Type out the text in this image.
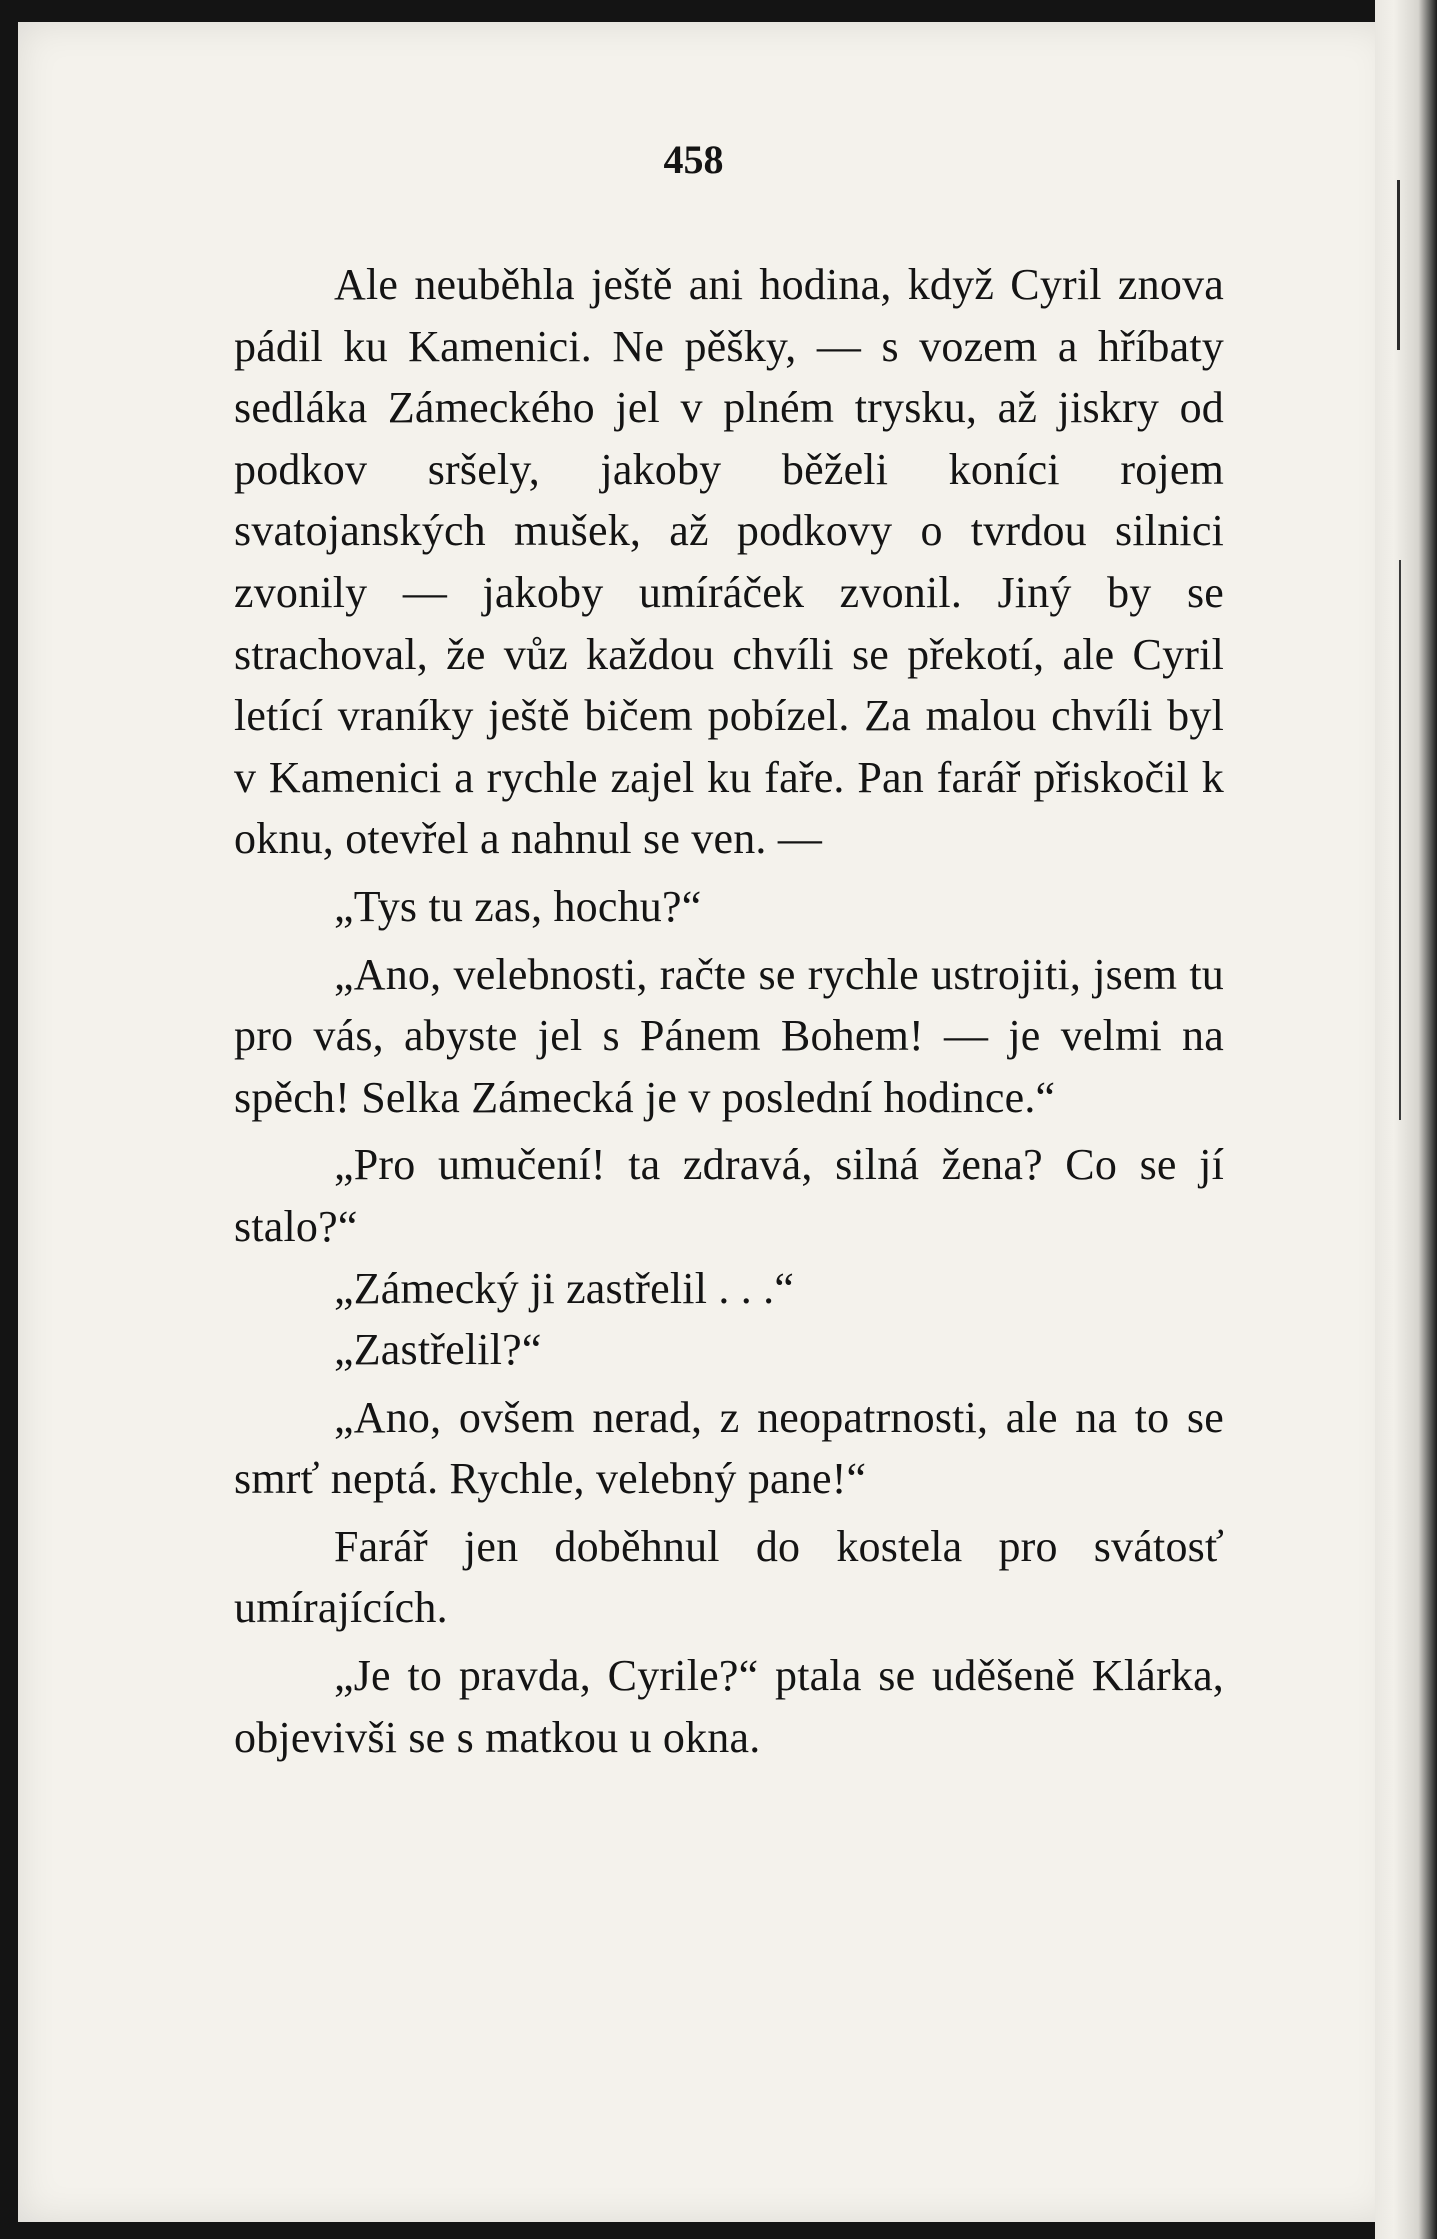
458

Ale neuběhla ještě ani hodina, když Cyril znova pádil ku Kamenici. Ne pěšky, — s vozem a hříbaty sedláka Zámeckého jel v plném trysku, až jiskry od podkov sršely, jakoby běželi koníci rojem svatojanských mušek, až podkovy o tvrdou silnici zvonily — jakoby umíráček zvonil. Jiný by se strachoval, že vůz každou chvíli se překotí, ale Cyril letící vraníky ještě bičem pobízel. Za malou chvíli byl v Kamenici a rychle zajel ku faře. Pan farář přiskočil k oknu, otevřel a nahnul se ven. —

„Tys tu zas, hochu?“

„Ano, velebnosti, račte se rychle ustrojiti, jsem tu pro vás, abyste jel s Pánem Bohem! — je velmi na spěch! Selka Zámecká je v poslední hodince.“

„Pro umučení! ta zdravá, silná žena? Co se jí stalo?“

„Zámecký ji zastřelil . . .“

„Zastřelil?“

„Ano, ovšem nerad, z neopatrnosti, ale na to se smrť neptá. Rychle, velebný pane!“

Farář jen doběhnul do kostela pro svátosť umírajících.

„Je to pravda, Cyrile?“ ptala se uděšeně Klárka, objevivši se s matkou u okna.
